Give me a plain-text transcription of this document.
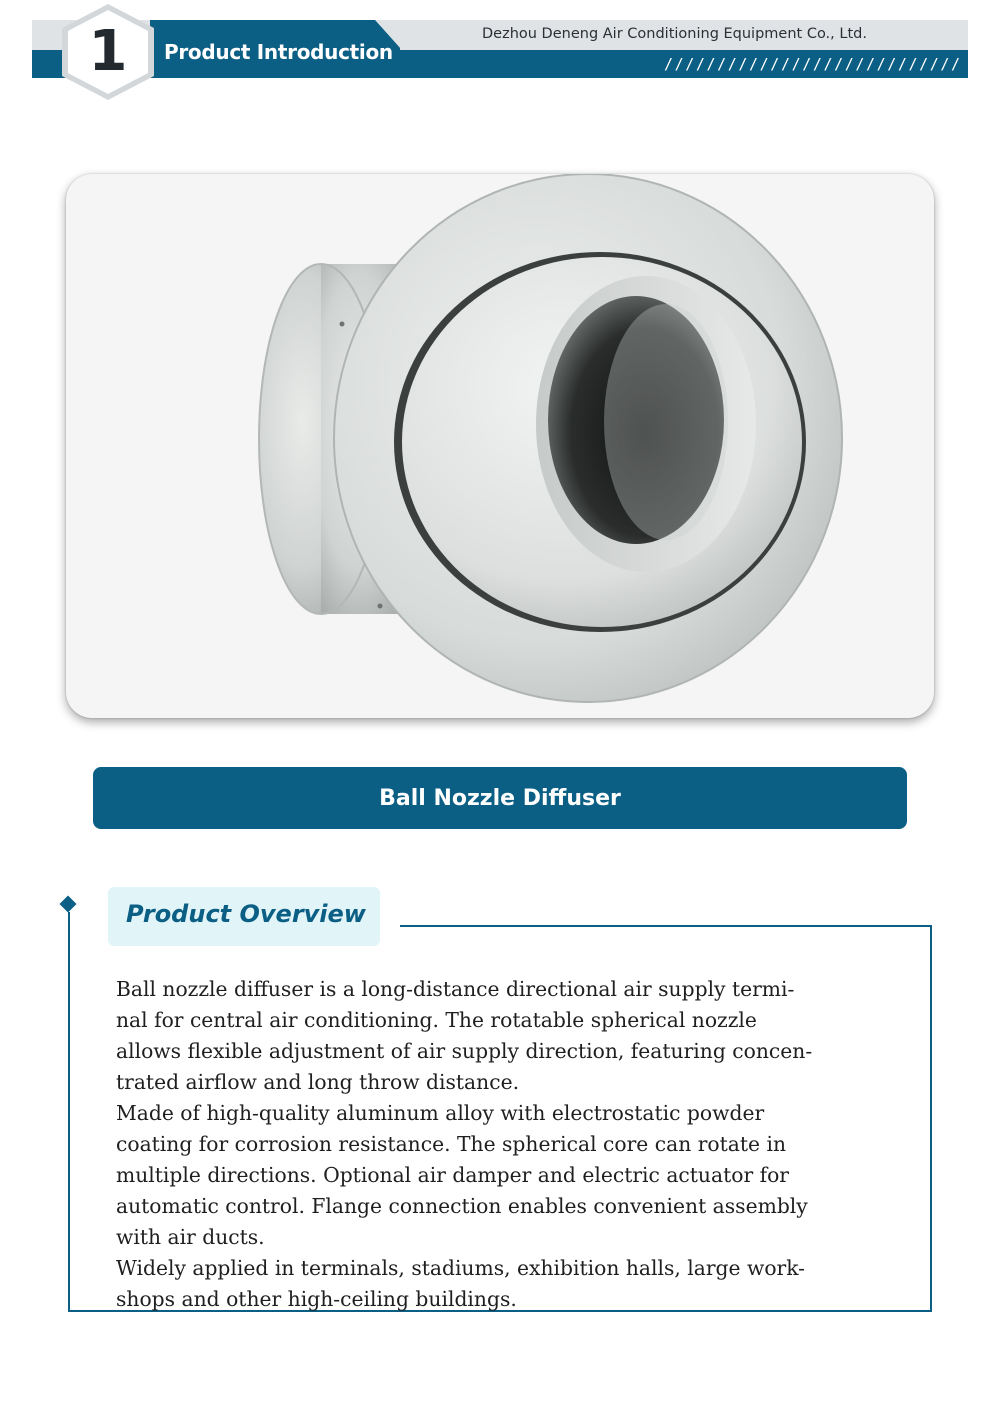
Product Introduction
1	Dezhou Deneng Air Conditioning Equipment Co., Ltd.
////////////////////////////
Ball Nozzle Diffuser
Product Overview

Ball nozzle diffuser is a long-distance directional air supply termi-

nal for central air conditioning. The rotatable spherical nozzle

allows flexible adjustment of air supply direction, featuring concen-

trated airflow and long throw distance.

Made of high-quality aluminum alloy with electrostatic powder

coating for corrosion resistance. The spherical core can rotate in

multiple directions. Optional air damper and electric actuator for

automatic control. Flange connection enables convenient assembly

with air ducts.

Widely applied in terminals, stadiums, exhibition halls, large work-

shops and other high-ceiling buildings.
